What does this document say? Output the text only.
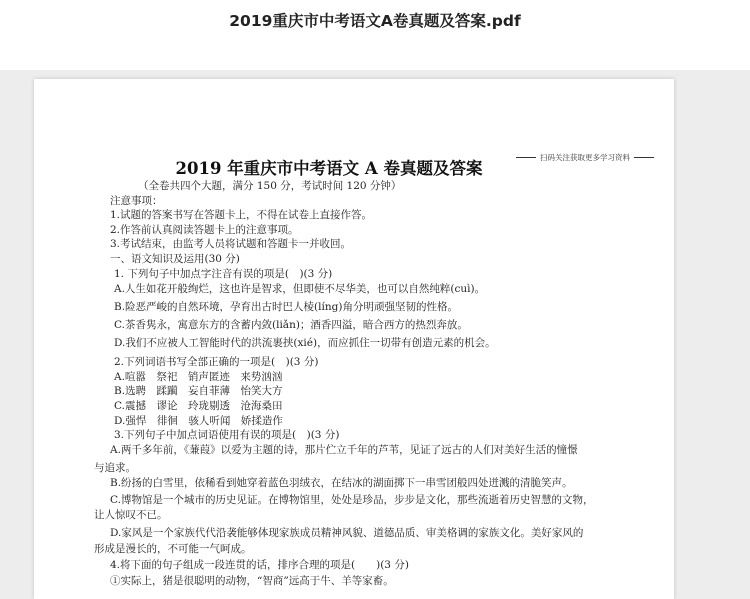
2019重庆市中考语文A卷真题及答案.pdf
扫码关注获取更多学习资料
2019 年重庆市中考语文 A 卷真题及答案
（全卷共四个大题，满分 150 分，考试时间 120 分钟）
注意事项：
1.试题的答案书写在答题卡上，不得在试卷上直接作答。
2.作答前认真阅读答题卡上的注意事项。
3.考试结束，由监考人员将试题和答题卡一并收回。
一、语文知识及运用(30 分)
1. 下列句子中加点字注音有误的项是(　)(3 分)
A.人生如花开般绚烂，这也许是智求，但即使不尽华美，也可以自然纯粹(cuì)。
B.险恶严峻的自然环境，孕育出古时巴人棱(líng)角分明顽强坚韧的性格。
C.茶香隽永，寓意东方的含蓄内敛(liǎn)；酒香四溢，暗合西方的热烈奔放。
D.我们不应被人工智能时代的洪流裹挟(xié)，而应抓住一切带有创造元素的机会。
2.下列词语书写全部正确的一项是(　)(3 分)
A.喧嚣　祭祀　销声匿迹　来势汹汹
B.选聘　蹂躏　妄自菲薄　怡笑大方
C.震撼　谬论　玲珑剔透　沧海桑田
D.强悍　徘徊　骇人听闻　娇揉造作
3.下列句子中加点词语使用有误的项是(　)(3 分)
A.两千多年前，《蒹葭》以爱为主题的诗，那片伫立千年的芦苇，见证了远古的人们对美好生活的憧憬
与追求。
B.纷扬的白雪里，依稀看到她穿着蓝色羽绒衣，在结冰的湖面掷下一串雪团般四处迸溅的清脆笑声。
C.博物馆是一个城市的历史见证。在博物馆里，处处是珍品，步步是文化，那些流逝着历史智慧的文物，
让人惊叹不已。
D.家风是一个家族代代沿袭能够体现家族成员精神风貌、道德品质、审美格调的家族文化。美好家风的
形成是漫长的，不可能一气呵成。
4.将下面的句子组成一段连贯的话，排序合理的项是(　　)(3 分)
①实际上，猪是很聪明的动物，“智商”远高于牛、羊等家畜。
